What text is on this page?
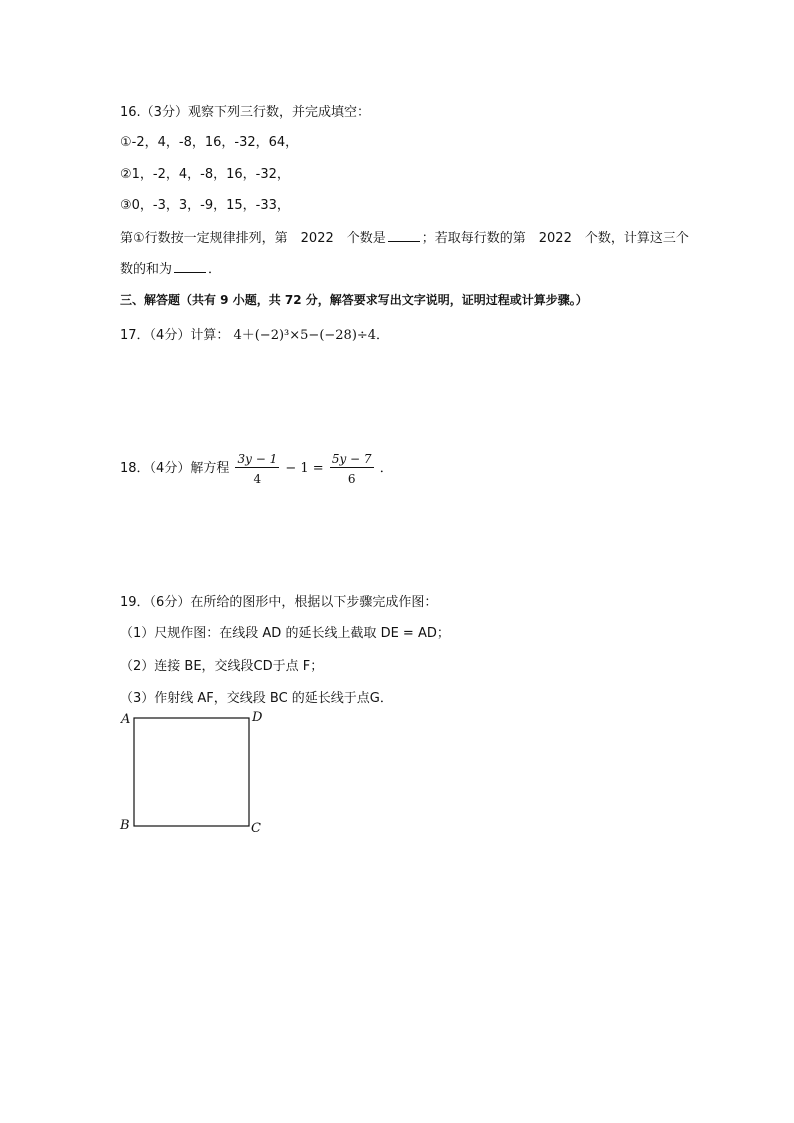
16.（3分）观察下列三行数，并完成填空：
①-2，4，-8，16，-32，64，
②1，-2，4，-8，16，-32，
③0，-3，3，-9，15，-33，
第①行数按一定规律排列，第　2022　个数是	；若取每行数的第　2022　个数，计算这三个
数的和为	．
三、解答题（共有 9 小题，共 72 分，解答要求写出文字说明，证明过程或计算步骤。）
17．（4分）计算： 4＋(−2)³×5−(−28)÷4．
18．（4分）解方程 $\frac{3y - 1}{4} - 1 = \frac{5y - 7}{6}$ ．
19．（6分）在所给的图形中，根据以下步骤完成作图：
（1）尺规作图：在线段 AD 的延长线上截取 DE = AD；
（2）连接 BE，交线段CD于点 F；
（3）作射线 AF，交线段 BC 的延长线于点G．
A	D
B	C
